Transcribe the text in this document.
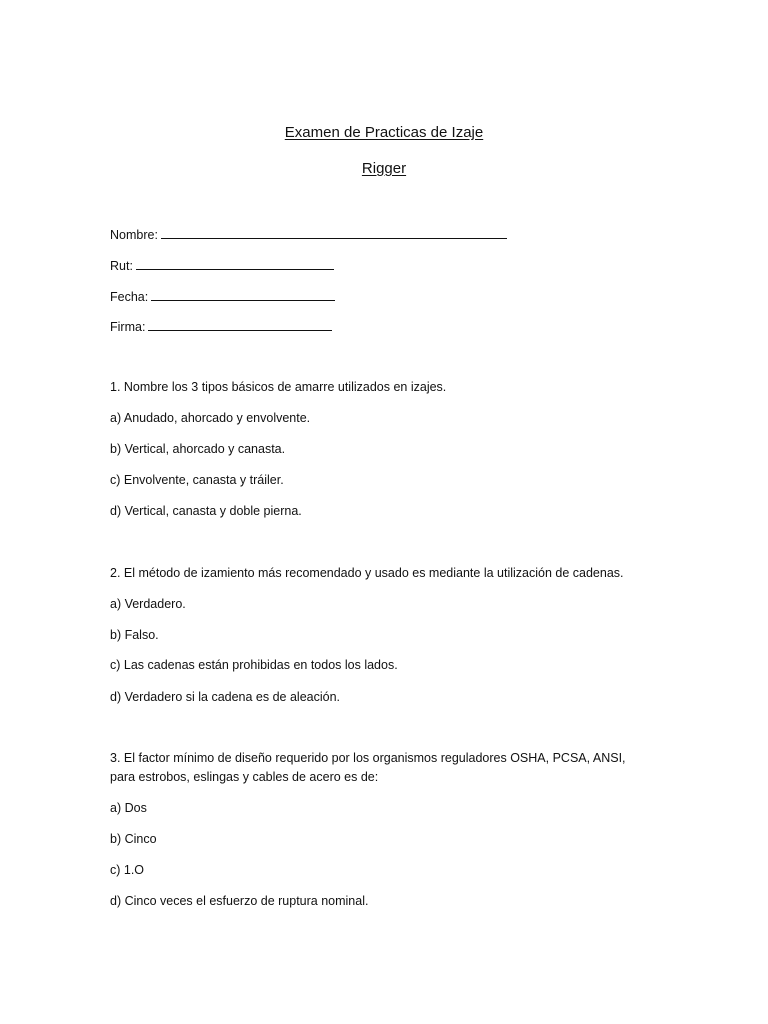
Examen de Practicas de Izaje
Rigger
Nombre:
Rut:
Fecha:
Firma:
1. Nombre los 3 tipos básicos de amarre utilizados en izajes.
a) Anudado, ahorcado y envolvente.
b) Vertical, ahorcado y canasta.
c) Envolvente, canasta y tráiler.
d) Vertical, canasta y doble pierna.
2. El método de izamiento más recomendado y usado es mediante la utilización de cadenas.
a) Verdadero.
b) Falso.
c) Las cadenas están prohibidas en todos los lados.
d) Verdadero si la cadena es de aleación.
3. El factor mínimo de diseño requerido por los organismos reguladores OSHA, PCSA, ANSI, para estrobos, eslingas y cables de acero es de:
a) Dos
b) Cinco
c) 1.O
d) Cinco veces el esfuerzo de ruptura nominal.
